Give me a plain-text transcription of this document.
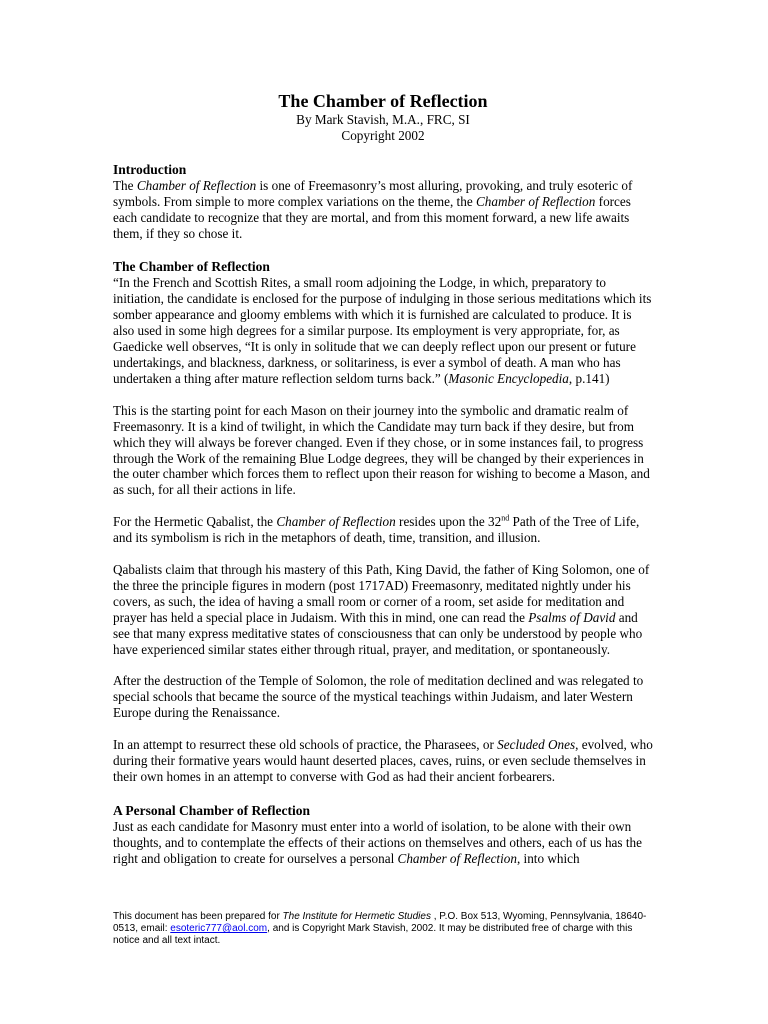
The Chamber of Reflection

By Mark Stavish, M.A., FRC, SI

Copyright 2002

Introduction

The Chamber of Reflection is one of Freemasonry’s most alluring, provoking, and truly esoteric of symbols. From simple to more complex variations on the theme, the Chamber of Reflection forces each candidate to recognize that they are mortal, and from this moment forward, a new life awaits them, if they so chose it.

The Chamber of Reflection

“In the French and Scottish Rites, a small room adjoining the Lodge, in which, preparatory to initiation, the candidate is enclosed for the purpose of indulging in those serious meditations which its somber appearance and gloomy emblems with which it is furnished are calculated to produce. It is also used in some high degrees for a similar purpose. Its employment is very appropriate, for, as Gaedicke well observes, “It is only in solitude that we can deeply reflect upon our present or future undertakings, and blackness, darkness, or solitariness, is ever a symbol of death. A man who has undertaken a thing after mature reflection seldom turns back.” (Masonic Encyclopedia, p.141)

This is the starting point for each Mason on their journey into the symbolic and dramatic realm of Freemasonry. It is a kind of twilight, in which the Candidate may turn back if they desire, but from which they will always be forever changed. Even if they chose, or in some instances fail, to progress through the Work of the remaining Blue Lodge degrees, they will be changed by their experiences in the outer chamber which forces them to reflect upon their reason for wishing to become a Mason, and as such, for all their actions in life.

For the Hermetic Qabalist, the Chamber of Reflection resides upon the 32nd Path of the Tree of Life, and its symbolism is rich in the metaphors of death, time, transition, and illusion.

Qabalists claim that through his mastery of this Path, King David, the father of King Solomon, one of the three the principle figures in modern (post 1717AD) Freemasonry, meditated nightly under his covers, as such, the idea of having a small room or corner of a room, set aside for meditation and prayer has held a special place in Judaism. With this in mind, one can read the Psalms of David and see that many express meditative states of consciousness that can only be understood by people who have experienced similar states either through ritual, prayer, and meditation, or spontaneously.

After the destruction of the Temple of Solomon, the role of meditation declined and was relegated to special schools that became the source of the mystical teachings within Judaism, and later Western Europe during the Renaissance.

In an attempt to resurrect these old schools of practice, the Pharasees, or Secluded Ones, evolved, who during their formative years would haunt deserted places, caves, ruins, or even seclude themselves in their own homes in an attempt to converse with God as had their ancient forbearers.

A Personal Chamber of Reflection

Just as each candidate for Masonry must enter into a world of isolation, to be alone with their own thoughts, and to contemplate the effects of their actions on themselves and others, each of us has the right and obligation to create for ourselves a personal Chamber of Reflection, into which

This document has been prepared for The Institute for Hermetic Studies , P.O. Box 513, Wyoming, Pennsylvania, 18640-0513, email: esoteric777@aol.com, and is Copyright Mark Stavish, 2002. It may be distributed free of charge with this notice and all text intact.
